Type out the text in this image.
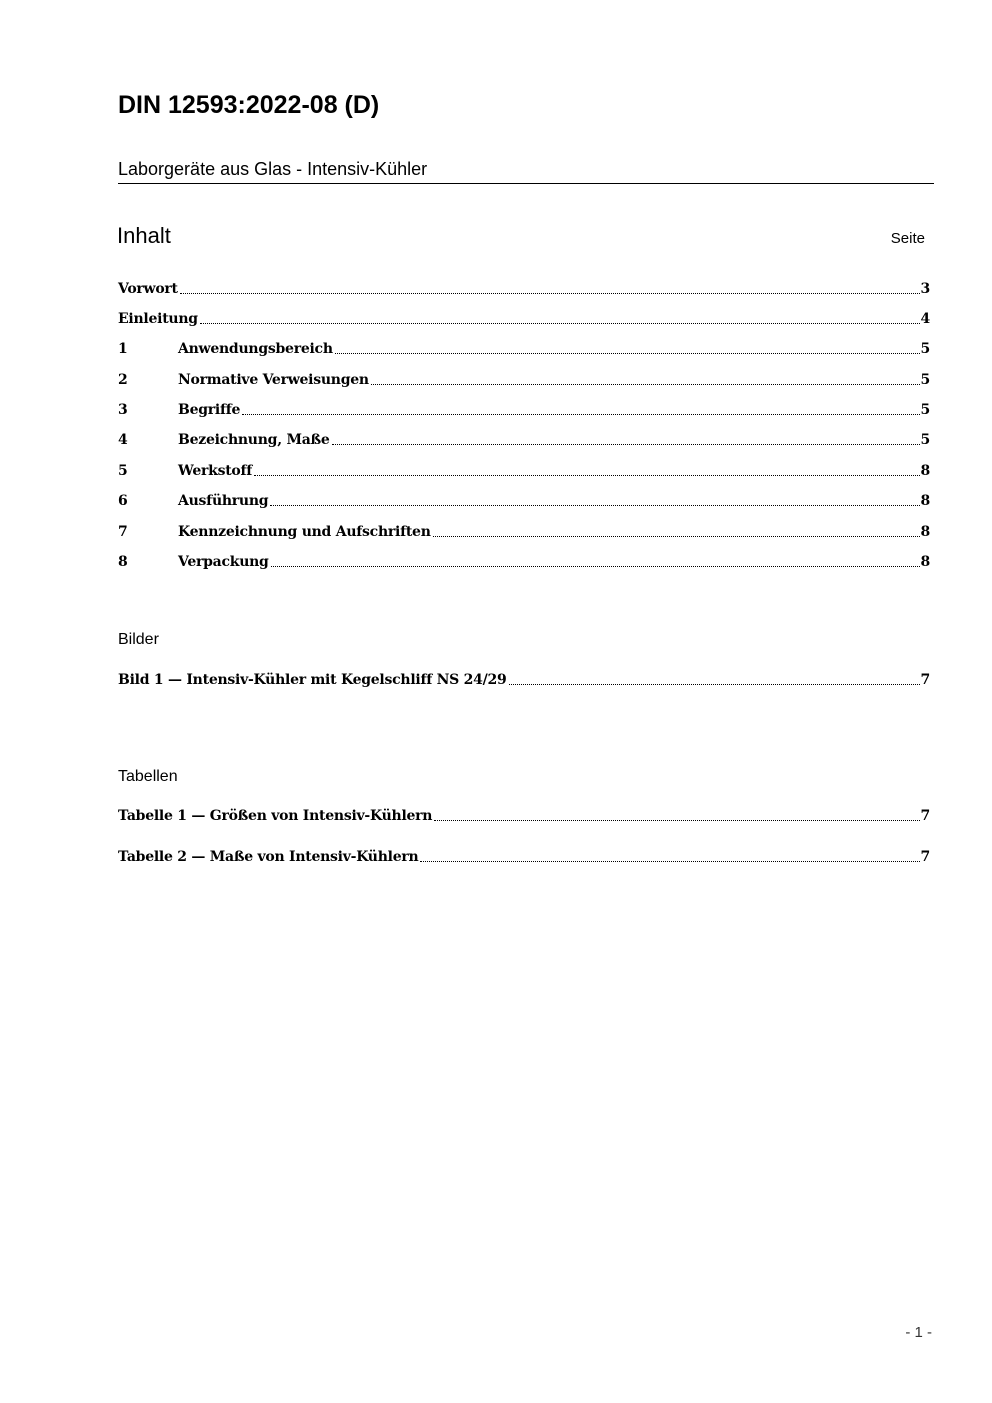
DIN 12593:2022-08 (D)
Laborgeräte aus Glas - Intensiv-Kühler
Inhalt	Seite
Vorwort	3
Einleitung	4
1	Anwendungsbereich	5
2	Normative Verweisungen	5
3	Begriffe	5
4	Bezeichnung, Maße	5
5	Werkstoff	8
6	Ausführung	8
7	Kennzeichnung und Aufschriften	8
8	Verpackung	8
Bilder
Bild 1 — Intensiv-Kühler mit Kegelschliff NS 24/29	7
Tabellen
Tabelle 1 — Größen von Intensiv-Kühlern	7
Tabelle 2 — Maße von Intensiv-Kühlern	7
- 1 -
